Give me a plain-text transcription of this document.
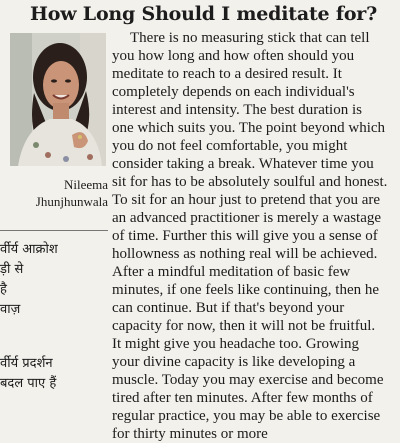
How Long Should I meditate for?
Nileema
Jhunjhunwala
र्वीर्य आक्रोश
ड़ी से
है
वाज़
र्वीर्य प्रदर्शन
बदल पाए हैं
There is no measuring stick that can tell
you how long and how often should you
meditate to reach to a desired result. It
completely depends on each individual's
interest and intensity. The best duration is
one which suits you. The point beyond which
you do not feel comfortable, you might
consider taking a break. Whatever time you
sit for has to be absolutely soulful and honest.
To sit for an hour just to pretend that you are
an advanced practitioner is merely a wastage
of time. Further this will give you a sense of
hollowness as nothing real will be achieved.
After a mindful meditation of basic few
minutes, if one feels like continuing, then he
can continue. But if that's beyond your
capacity for now, then it will not be fruitful.
It might give you headache too. Growing
your divine capacity is like developing a
muscle. Today you may exercise and become
tired after ten minutes. After few months of
regular practice, you may be able to exercise
for thirty minutes or more
